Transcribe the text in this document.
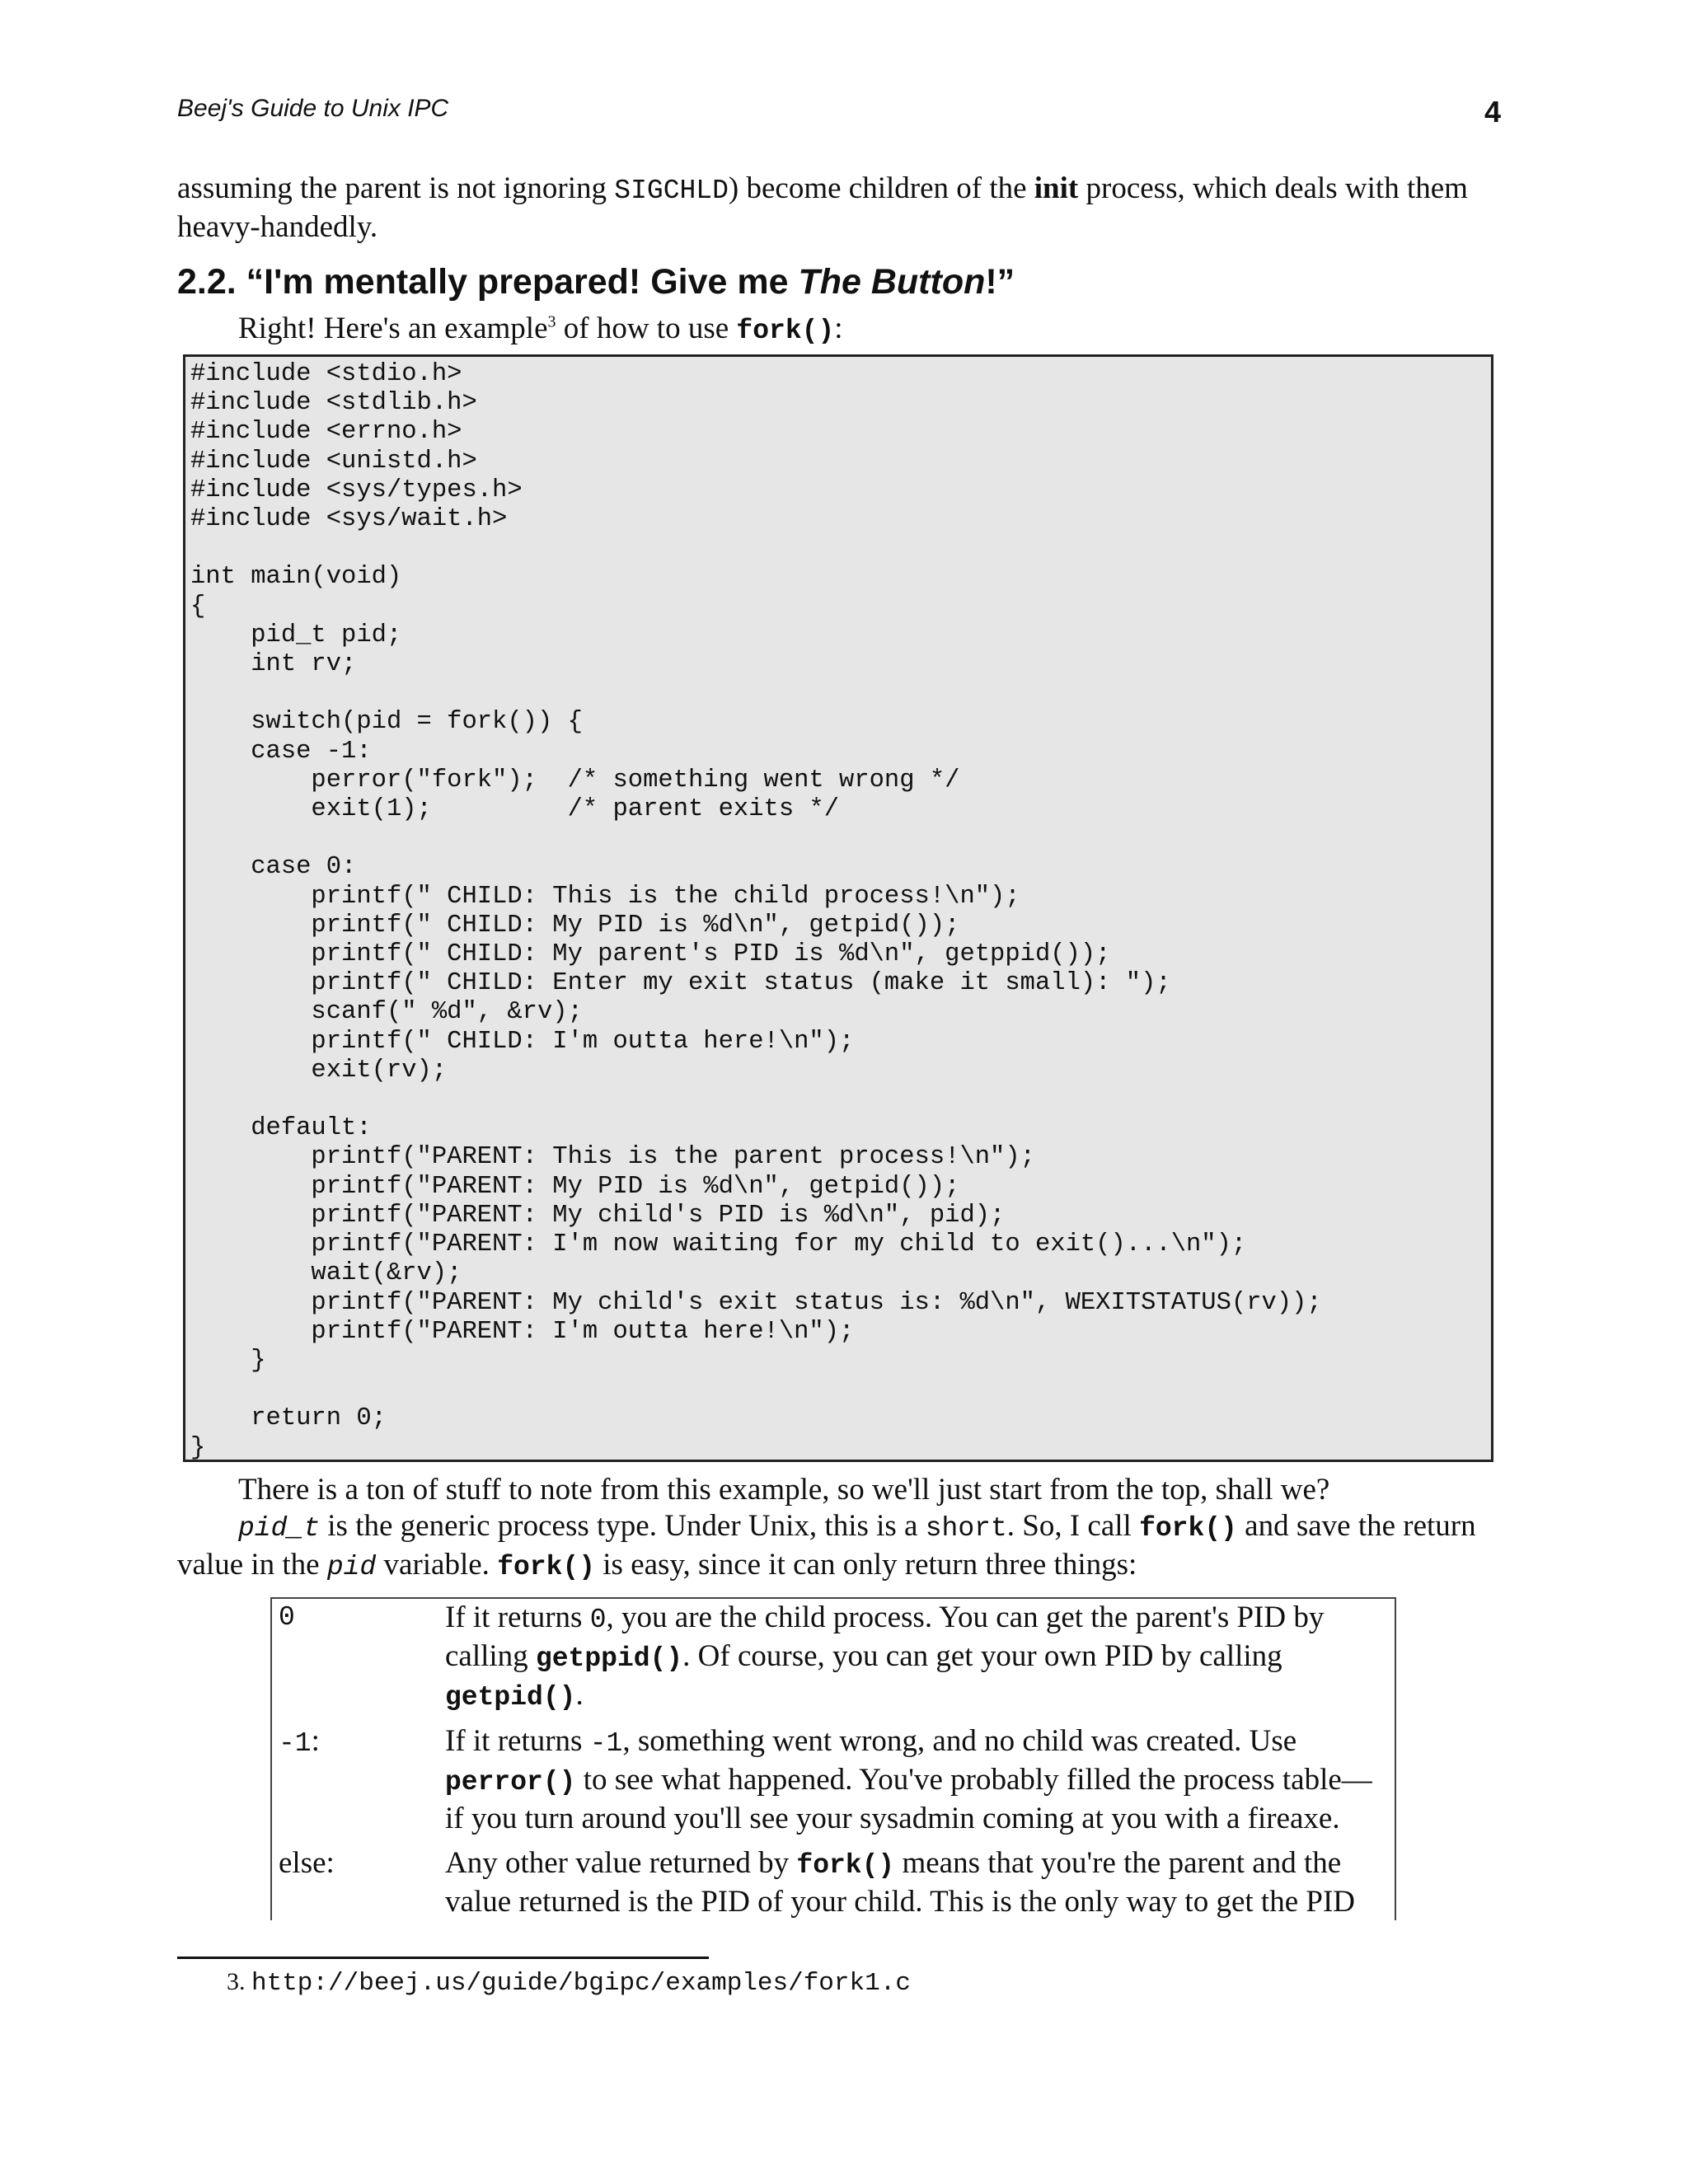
Beej's Guide to Unix IPC	4

assuming the parent is not ignoring SIGCHLD) become children of the init process, which deals with them heavy-handedly.

2.2. “I'm mentally prepared! Give me The Button!”

Right! Here's an example$^3$ of how to use fork():

#include <stdio.h>
#include <stdlib.h>
#include <errno.h>
#include <unistd.h>
#include <sys/types.h>
#include <sys/wait.h>

int main(void)
{
pid_t pid;
int rv;

switch(pid = fork()) {
case -1:
perror("fork");  /* something went wrong */
exit(1);         /* parent exits */

case 0:
printf(" CHILD: This is the child process!\n");
printf(" CHILD: My PID is %d\n", getpid());
printf(" CHILD: My parent's PID is %d\n", getppid());
printf(" CHILD: Enter my exit status (make it small): ");
scanf(" %d", &rv);
printf(" CHILD: I'm outta here!\n");
exit(rv);

default:
printf("PARENT: This is the parent process!\n");
printf("PARENT: My PID is %d\n", getpid());
printf("PARENT: My child's PID is %d\n", pid);
printf("PARENT: I'm now waiting for my child to exit()...\n");
wait(&rv);
printf("PARENT: My child's exit status is: %d\n", WEXITSTATUS(rv));
printf("PARENT: I'm outta here!\n");
}

return 0;
}

There is a ton of stuff to note from this example, so we'll just start from the top, shall we?

pid_t is the generic process type. Under Unix, this is a short. So, I call fork() and save the return value in the pid variable. fork() is easy, since it can only return three things:

0	If it returns 0, you are the child process. You can get the parent's PID by calling getppid(). Of course, you can get your own PID by calling getpid().
-1:	If it returns -1, something went wrong, and no child was created. Use perror() to see what happened. You've probably filled the process table—if you turn around you'll see your sysadmin coming at you with a fireaxe.
else:	Any other value returned by fork() means that you're the parent and the value returned is the PID of your child. This is the only way to get the PID
3. http://beej.us/guide/bgipc/examples/fork1.c
